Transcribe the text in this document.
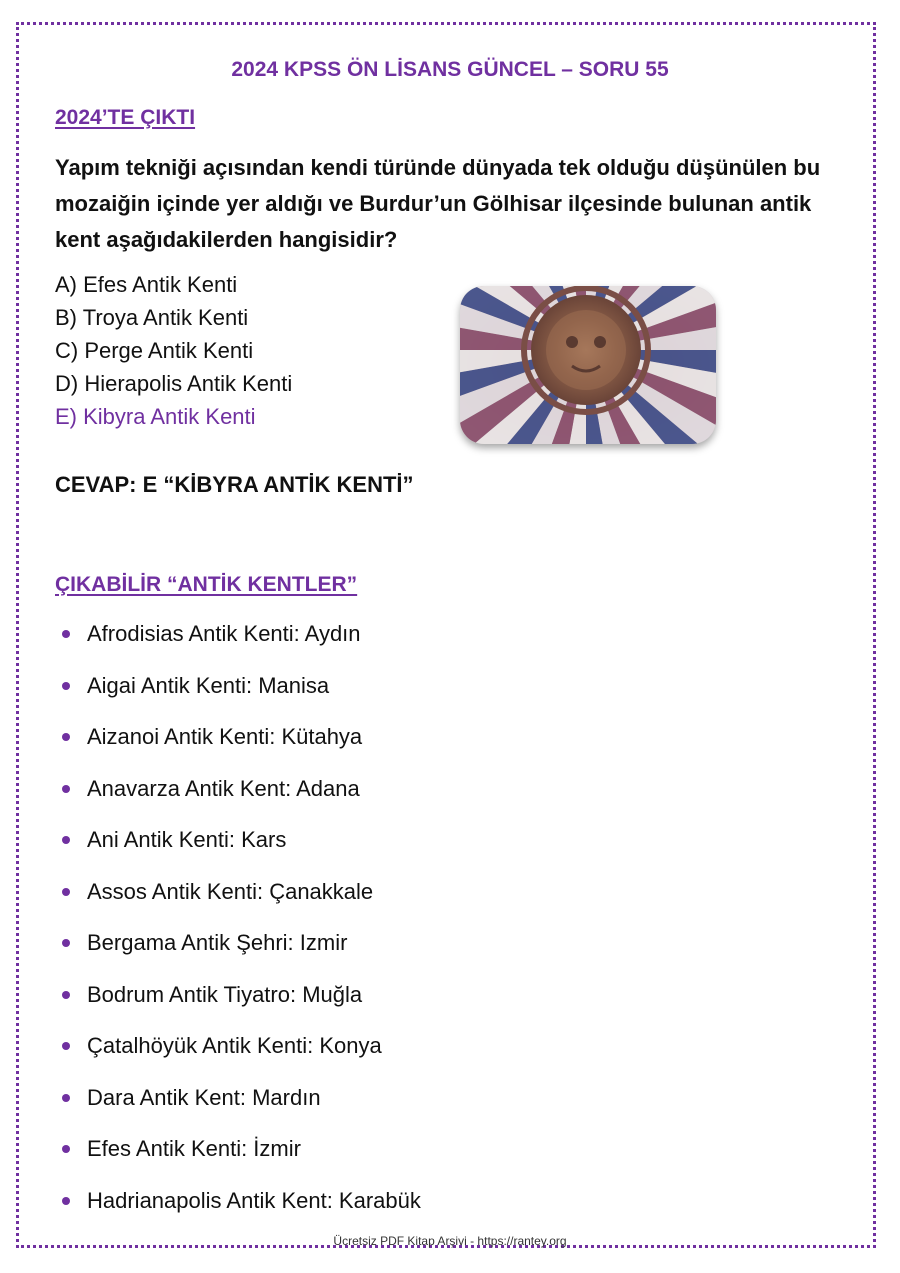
2024 KPSS ÖN LİSANS GÜNCEL – SORU 55
2024’TE ÇIKTI
Yapım tekniği açısından kendi türünde dünyada tek olduğu düşünülen bu mozaiğin içinde yer aldığı ve Burdur’un Gölhisar ilçesinde bulunan antik kent aşağıdakilerden hangisidir?
A) Efes Antik Kenti
B) Troya Antik Kenti
C) Perge Antik Kenti
D) Hierapolis Antik Kenti
E) Kibyra Antik Kenti
CEVAP: E “KİBYRA ANTİK KENTİ”
ÇIKABİLİR “ANTİK KENTLER”
Afrodisias Antik Kenti: Aydın
Aigai Antik Kenti: Manisa
Aizanoi Antik Kenti: Kütahya
Anavarza Antik Kent: Adana
Ani Antik Kenti: Kars
Assos Antik Kenti: Çanakkale
Bergama Antik Şehri: Izmir
Bodrum Antik Tiyatro: Muğla
Çatalhöyük Antik Kenti: Konya
Dara Antik Kent: Mardın
Efes Antik Kenti: İzmir
Hadrianapolis Antik Kent: Karabük
Ücretsiz PDF Kitap Arşivi - https://rantey.org
